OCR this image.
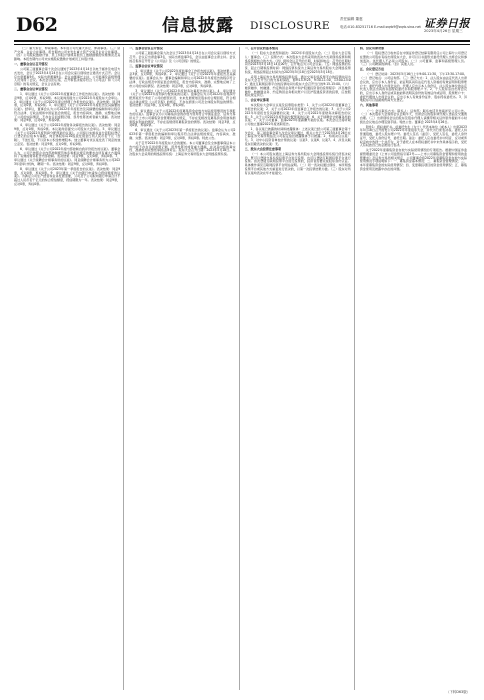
D62	信息披露 DISCLOSURE
责任编辑 董惠
电话:010-83251716 E-mail:zqrb9@zqrb.sina.net 证券日报
2023年4月26日 星期三

（二）重大诉讼、仲裁事项。本年度公司无重大诉讼、仲裁事项。（三）资产交易、企业合并事项。报告期内公司未发生重大资产交易及企业合并事项。（四）公司股权激励计划、员工持股计划或其他员工激励措施的实施情况及其影响。本报告期内公司未实施股权激励计划或员工持股计划。

一、董事会会议召开情况

公司第三届董事会第十次会议通知于2023年4月14日以电子邮件及电话方式发出，会议于2023年4月24日在公司会议室以现场结合通讯方式召开。会议应出席董事9名，实际出席董事9名。会议由董事长主持，公司监事及高级管理人员列席了会议。本次会议的召集、召开和表决程序符合《公司法》和《公司章程》的有关规定，会议合法有效。

二、董事会会议审议情况

1、审议通过《关于公司2022年度董事会工作报告的议案》。表决结果：同意9票，反对0票，弃权0票。本议案尚需提交公司2022年年度股东大会审议。2、审议通过《关于公司2022年度总经理工作报告的议案》。表决结果：同意9票，反对0票，弃权0票。3、审议通过《关于公司2022年年度报告及其摘要的议案》。经审议，董事会认为公司2022年年度报告及其摘要的编制和审议程序符合法律、行政法规和中国证监会的规定，报告内容真实、准确、完整地反映了公司的实际情况，不存在任何虚假记载、误导性陈述或者重大遗漏。表决结果：同意9票，反对0票，弃权0票。

4、审议通过《关于公司2022年度财务决算报告的议案》。表决结果：同意9票，反对0票，弃权0票。本议案尚需提交公司股东大会审议。5、审议通过《关于公司2022年度利润分配预案的议案》。公司拟以实施权益分派股权登记日登记的总股本为基数，向全体股东每10股派发现金红利人民币若干元（含税），不送红股，不以资本公积金转增股本。独立董事对该议案发表了同意的独立意见。表决结果：同意9票，反对0票，弃权0票。

6、审议通过《关于公司2022年度内部控制自我评价报告的议案》。董事会认为，公司已按照企业内部控制规范体系和相关规定的要求在所有重大方面保持了有效的财务报告内部控制。表决结果：同意9票，反对0票，弃权0票。7、审议通过《关于续聘会计师事务所的议案》。同意续聘会计师事务所为公司2023年度审计机构，聘期一年。表决结果：同意9票，反对0票，弃权0票。

8、审议通过《关于公司2023年第一季度报告的议案》。表决结果：同意9票，反对0票，弃权0票。9、审议通过《关于向银行申请综合授信额度的议案》。为满足公司生产经营和业务发展需要，公司及子公司拟向银行申请合计不超过人民币若干亿元的综合授信额度，授信期限为一年。表决结果：同意9票，反对0票，弃权0票。

一、监事会会议召开情况

公司第三届监事会第九次会议于2023年4月24日在公司会议室以现场方式召开。会议应出席监事3名，实际出席监事3名，会议由监事会主席主持。会议的召集和召开符合《公司法》及《公司章程》的规定。

二、监事会会议审议情况

1、审议通过《关于公司2022年度监事会工作报告的议案》。表决结果：同意3票，反对0票，弃权0票。2、审议通过《关于公司2022年年度报告及其摘要的议案》。监事会认为：董事会编制和审议公司2022年年度报告的程序符合法律、行政法规及中国证监会的规定，报告内容真实、准确、完整地反映了上市公司的实际情况。表决结果：同意3票，反对0票，弃权0票。

3、审议通过《关于公司2022年度财务决算报告的议案》。4、审议通过《关于公司2022年度利润分配预案的议案》。监事会认为公司2022年度利润分配预案充分考虑了公司的经营状况、未来发展规划及股东的合理回报，符合相关法律法规及《公司章程》的规定，不存在损害公司及全体股东利益的情形。表决结果：同意3票，反对0票，弃权0票。

5、审议通过《关于公司2022年度募集资金存放与实际使用情况的专项报告的议案》。监事会认为公司募集资金的存放与使用符合中国证监会、证券交易所关于上市公司募集资金管理的相关规定，不存在变相改变募集资金用途和损害股东利益的情况，不存在违规使用募集资金的情形。表决结果：同意3票，反对0票，弃权0票。

6、审议通过《关于公司2023年第一季度报告的议案》。监事会认为公司2023年第一季度报告的编制和审议程序符合法律法规的规定，内容真实、准确、完整。表决结果：同意3票，反对0票，弃权0票。特此公告。

关于召开2022年年度股东大会的通知。本公司董事会及全体董事保证本公告内容不存在任何虚假记载、误导性陈述或者重大遗漏，并对其内容的真实性、准确性和完整性承担法律责任。股东大会召开日期：2023年5月18日。本次股东大会采用的网络投票系统：上海证券交易所股东大会网络投票系统。

一、召开会议的基本情况

（一）股东大会类型和届次：2022年年度股东大会。（二）股东大会召集人：董事会。（三）投票方式：本次股东大会所采用的表决方式是现场投票和网络投票相结合的方式。（四）现场会议召开的日期、时间和地点：召开的日期时间为2023年5月18日14点00分，召开地点为公司会议室。（五）网络投票的系统、起止日期和投票时间：网络投票系统为上海证券交易所股东大会网络投票系统，网络投票起止时间为自2023年5月18日至2023年5月18日。

采用上海证券交易所网络投票系统，通过交易系统投票平台的投票时间为股东大会召开当日的交易时间段，即9:15-9:25，9:30-11:30，13:00-15:00；通过互联网投票平台的投票时间为股东大会召开当日的9:15-15:00。（六）融资融券、转融通、约定购回业务账户和沪股通投资者的投票程序：涉及融资融券、转融通业务、约定购回业务相关账户以及沪股通投资者的投票，应按照相关规定执行。

二、会议审议事项

本次股东大会审议议案及投票股东类型：1、关于公司2022年度董事会工作报告的议案；2、关于公司2022年度监事会工作报告的议案；3、关于公司2022年年度报告及其摘要的议案；4、关于公司2022年度财务决算报告的议案；5、关于公司2022年度利润分配预案的议案；6、关于续聘会计师事务所的议案；7、关于公司董事、监事2023年度薪酬方案的议案。本次会议还将听取公司独立董事2022年度述职报告。

1、各议案已披露的时间和披露媒体：上述议案已经公司第三届董事会第十次会议、第三届监事会第九次会议审议通过，相关公告已于2023年4月26日在上海证券交易所网站及公司指定信息披露媒体予以披露。2、特别决议议案：无。3、对中小投资者单独计票的议案：议案5、议案6、议案7。4、涉及关联股东回避表决的议案：无。

三、股东大会投票注意事项

（一）本公司股东通过上海证券交易所股东大会网络投票系统行使表决权的，既可以登陆交易系统投票平台进行投票，也可以登陆互联网投票平台进行投票。首次登陆互联网投票平台进行投票的，投资者需要完成股东身份认证。具体操作请见互联网投票平台网站说明。（二）同一表决权通过现场、本所网络投票平台或其他方式重复进行表决的，以第一次投票结果为准。（三）股东对所有议案均表决完毕才能提交。

四、会议出席对象

（一）股权登记日收市后在中国证券登记结算有限责任公司上海分公司登记在册的公司股东有权出席股东大会，并可以以书面形式委托代理人出席会议和参加表决。该代理人不必是公司股东。（二）公司董事、监事和高级管理人员。（三）公司聘请的律师。（四）其他人员。

五、会议登记方法

（一）登记时间：2023年5月16日上午9:00-11:30，下午13:30-17:00。（二）登记地点：公司证券部。（三）登记方式：1、法人股东由法定代表人出席会议的，应出示本人身份证、能证明其具有法定代表人资格的有效证明和股票账户卡；委托代理人出席会议的，代理人应出示本人身份证、法人股东单位的法定代表人依法出具的书面授权委托书和股票账户卡。2、个人股东亲自出席会议的，应出示本人身份证或其他能够表明其身份的有效证件或证明、股票账户卡；委托代理他人出席会议的，应出示本人有效身份证件、股东授权委托书。3、异地股东可以信函或传真方式登记。

六、其他事项

（一）会议联系方式：联系人：证券部；联系电话及传真详见公司公告。（二）本次股东大会现场会议会期半天，出席会议的股东或代理人食宿及交通费自理。（三）出席现场会议的股东及股东代理人请携带相关证件原件提前半小时到达会议地点办理签到手续。特此公告。董事会 2023年4月26日。

附件1：授权委托书。兹委托先生（女士）代表本单位（或本人）出席2023年5月18日召开的贵公司2022年年度股东大会，并代为行使表决权。委托人持普通股数，委托人股东账户号。委托人签名（盖章），受托人签名，委托人身份证号，受托人身份证号，委托日期。备注：委托人应在委托书中同意、反对或弃权意向中选择一个并打勾，对于委托人在本授权委托书中未作具体指示的，受托人有权按自己的意愿进行表决。

关于2022年度募集资金存放与实际使用情况的专项报告。根据中国证券监督管理委员会《上市公司监管指引第2号——上市公司募集资金管理和使用的监管要求》及证券交易所相关规定，公司董事会将2022年度募集资金存放与实际使用情况专项说明如下：一、募集资金基本情况；二、募集资金管理情况；三、本年度募集资金的实际使用情况；四、变更募投项目的资金使用情况；五、募集资金使用及披露中存在的问题。

（下转D63版）
